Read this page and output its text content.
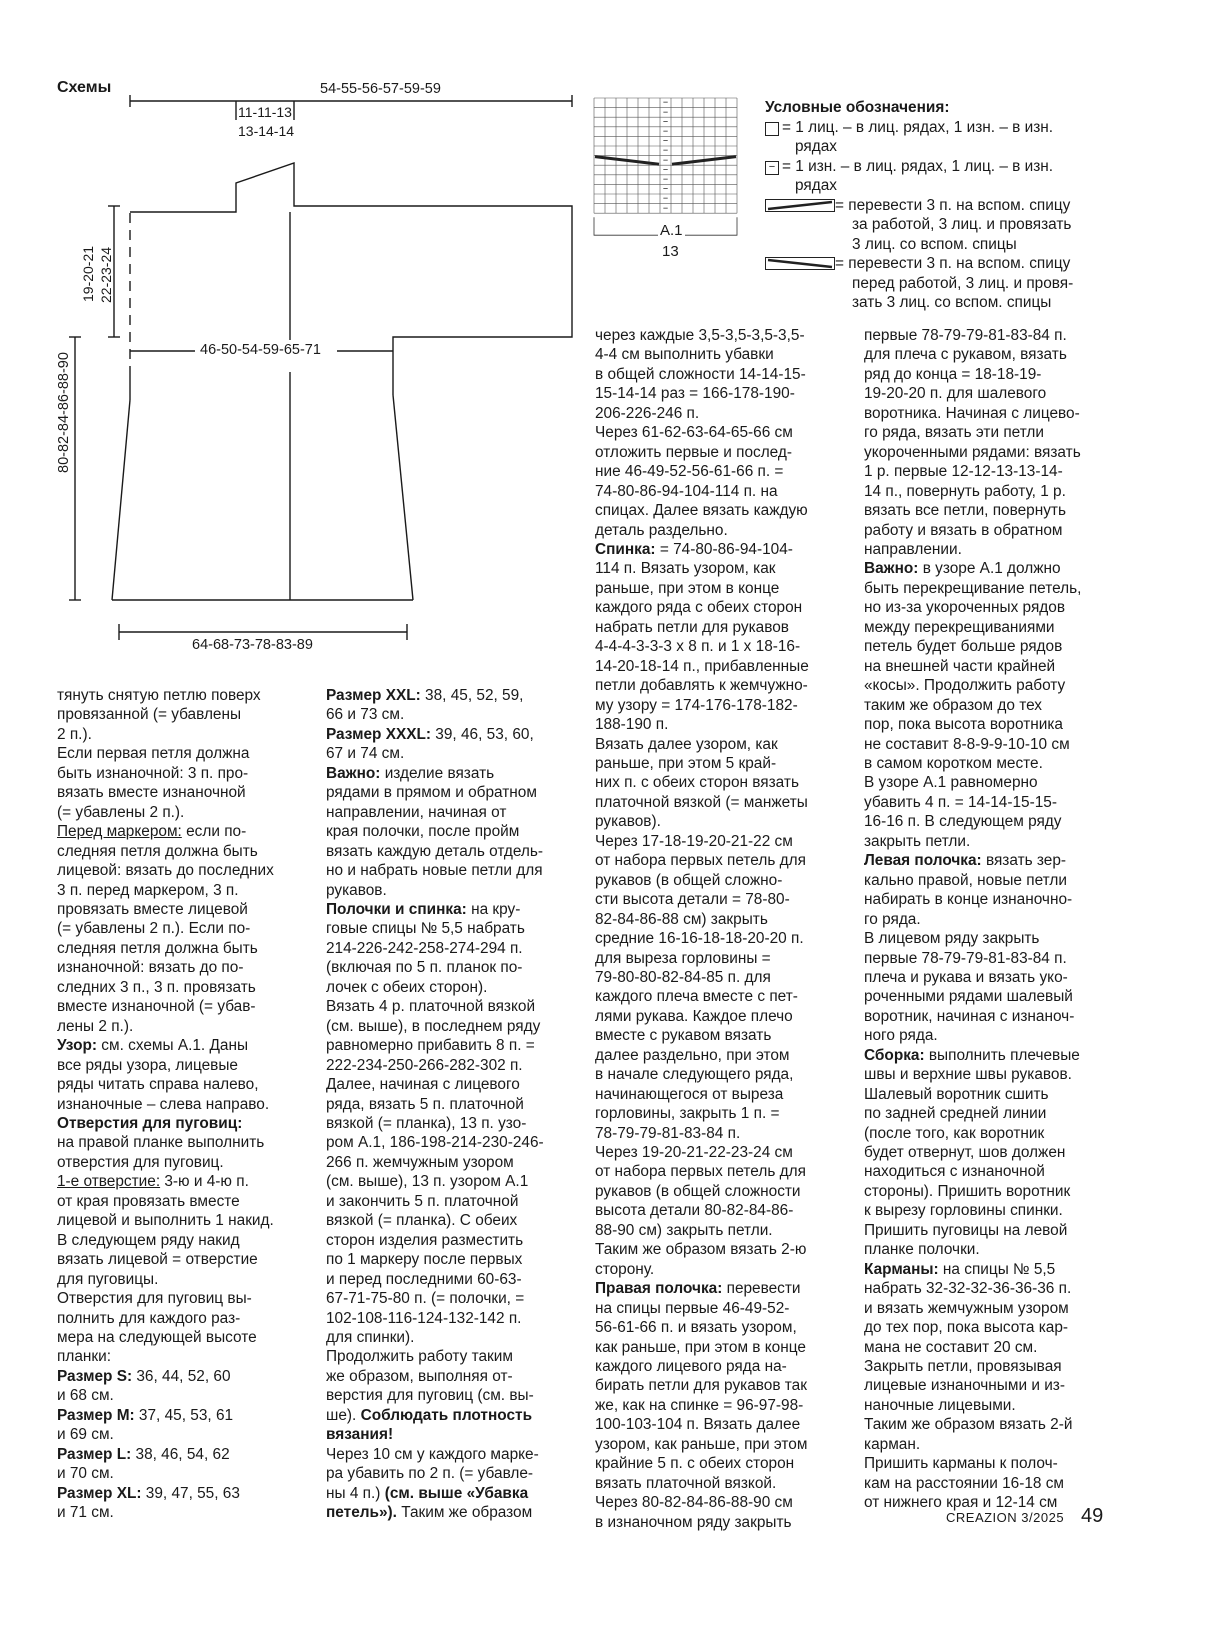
Схемы	54-55-56-57-59-59
11-11-13
13-14-14
19-20-21 22-23-24
80-82-84-86-88-90
46-50-54-59-65-71
64-68-73-78-83-89
−
−
−
−
−
−
−
−
−
−
−
−
A.1
13

Условные обозначения:

= 1 лиц. – в лиц. рядах, 1 изн. – в изн.

рядах

− = 1 изн. – в лиц. рядах, 1 лиц. – в изн.

рядах

= перевести 3 п. на вспом. спицу

за работой, 3 лиц. и провязать

3 лиц. со вспом. спицы

= перевести 3 п. на вспом. спицу

перед работой, 3 лиц. и провя-

зать 3 лиц. со вспом. спицы

тянуть снятую петлю поверх

провязанной (= убавлены

2 п.).

Если первая петля должна

быть изнаночной: 3 п. про-

вязать вместе изнаночной

(= убавлены 2 п.).

Перед маркером: если по-

следняя петля должна быть

лицевой: вязать до последних

3 п. перед маркером, 3 п.

провязать вместе лицевой

(= убавлены 2 п.). Если по-

следняя петля должна быть

изнаночной: вязать до по-

следних 3 п., 3 п. провязать

вместе изнаночной (= убав-

лены 2 п.).

Узор: см. схемы A.1. Даны

все ряды узора, лицевые

ряды читать справа налево,

изнаночные – слева направо.

Отверстия для пуговиц:

на правой планке выполнить

отверстия для пуговиц.

1-е отверстие: 3-ю и 4-ю п.

от края провязать вместе

лицевой и выполнить 1 накид.

В следующем ряду накид

вязать лицевой = отверстие

для пуговицы.

Отверстия для пуговиц вы-

полнить для каждого раз-

мера на следующей высоте

планки:

Размер S: 36, 44, 52, 60

и 68 см.

Размер M: 37, 45, 53, 61

и 69 см.

Размер L: 38, 46, 54, 62

и 70 см.

Размер XL: 39, 47, 55, 63

и 71 см.

Размер XXL: 38, 45, 52, 59,

66 и 73 см.

Размер XXXL: 39, 46, 53, 60,

67 и 74 см.

Важно: изделие вязать

рядами в прямом и обратном

направлении, начиная от

края полочки, после пройм

вязать каждую деталь отдель-

но и набрать новые петли для

рукавов.

Полочки и спинка: на кру-

говые спицы № 5,5 набрать

214-226-242-258-274-294 п.

(включая по 5 п. планок по-

лочек с обеих сторон).

Вязать 4 р. платочной вязкой

(см. выше), в последнем ряду

равномерно прибавить 8 п. =

222-234-250-266-282-302 п.

Далее, начиная с лицевого

ряда, вязать 5 п. платочной

вязкой (= планка), 13 п. узо-

ром A.1, 186-198-214-230-246-

266 п. жемчужным узором

(см. выше), 13 п. узором A.1

и закончить 5 п. платочной

вязкой (= планка). С обеих

сторон изделия разместить

по 1 маркеру после первых

и перед последними 60-63-

67-71-75-80 п. (= полочки, =

102-108-116-124-132-142 п.

для спинки).

Продолжить работу таким

же образом, выполняя от-

верстия для пуговиц (см. вы-

ше). Соблюдать плотность

вязания!

Через 10 см у каждого марке-

ра убавить по 2 п. (= убавле-

ны 4 п.) (см. выше «Убавка

петель»). Таким же образом

через каждые 3,5-3,5-3,5-3,5-

4-4 см выполнить убавки

в общей сложности 14-14-15-

15-14-14 раз = 166-178-190-

206-226-246 п.

Через 61-62-63-64-65-66 см

отложить первые и послед-

ние 46-49-52-56-61-66 п. =

74-80-86-94-104-114 п. на

спицах. Далее вязать каждую

деталь раздельно.

Спинка: = 74-80-86-94-104-

114 п. Вязать узором, как

раньше, при этом в конце

каждого ряда с обеих сторон

набрать петли для рукавов

4-4-4-3-3-3 х 8 п. и 1 х 18-16-

14-20-18-14 п., прибавленные

петли добавлять к жемчужно-

му узору = 174-176-178-182-

188-190 п.

Вязать далее узором, как

раньше, при этом 5 край-

них п. с обеих сторон вязать

платочной вязкой (= манжеты

рукавов).

Через 17-18-19-20-21-22 см

от набора первых петель для

рукавов (в общей сложно-

сти высота детали = 78-80-

82-84-86-88 см) закрыть

средние 16-16-18-18-20-20 п.

для выреза горловины =

79-80-80-82-84-85 п. для

каждого плеча вместе с пет-

лями рукава. Каждое плечо

вместе с рукавом вязать

далее раздельно, при этом

в начале следующего ряда,

начинающегося от выреза

горловины, закрыть 1 п. =

78-79-79-81-83-84 п.

Через 19-20-21-22-23-24 см

от набора первых петель для

рукавов (в общей сложности

высота детали 80-82-84-86-

88-90 см) закрыть петли.

Таким же образом вязать 2-ю

сторону.

Правая полочка: перевести

на спицы первые 46-49-52-

56-61-66 п. и вязать узором,

как раньше, при этом в конце

каждого лицевого ряда на-

бирать петли для рукавов так

же, как на спинке = 96-97-98-

100-103-104 п. Вязать далее

узором, как раньше, при этом

крайние 5 п. с обеих сторон

вязать платочной вязкой.

Через 80-82-84-86-88-90 см

в изнаночном ряду закрыть

первые 78-79-79-81-83-84 п.

для плеча с рукавом, вязать

ряд до конца = 18-18-19-

19-20-20 п. для шалевого

воротника. Начиная с лицево-

го ряда, вязать эти петли

укороченными рядами: вязать

1 р. первые 12-12-13-13-14-

14 п., повернуть работу, 1 р.

вязать все петли, повернуть

работу и вязать в обратном

направлении.

Важно: в узоре A.1 должно

быть перекрещивание петель,

но из-за укороченных рядов

между перекрещиваниями

петель будет больше рядов

на внешней части крайней

«косы». Продолжить работу

таким же образом до тех

пор, пока высота воротника

не составит 8-8-9-9-10-10 см

в самом коротком месте.

В узоре A.1 равномерно

убавить 4 п. = 14-14-15-15-

16-16 п. В следующем ряду

закрыть петли.

Левая полочка: вязать зер-

кально правой, новые петли

набирать в конце изнаночно-

го ряда.

В лицевом ряду закрыть

первые 78-79-79-81-83-84 п.

плеча и рукава и вязать уко-

роченными рядами шалевый

воротник, начиная с изнаноч-

ного ряда.

Сборка: выполнить плечевые

швы и верхние швы рукавов.

Шалевый воротник сшить

по задней средней линии

(после того, как воротник

будет отвернут, шов должен

находиться с изнаночной

стороны). Пришить воротник

к вырезу горловины спинки.

Пришить пуговицы на левой

планке полочки.

Карманы: на спицы № 5,5

набрать 32-32-32-36-36-36 п.

и вязать жемчужным узором

до тех пор, пока высота кар-

мана не составит 20 см.

Закрыть петли, провязывая

лицевые изнаночными и из-

наночные лицевыми.

Таким же образом вязать 2-й

карман.

Пришить карманы к полоч-

кам на расстоянии 16-18 см

от нижнего края и 12-14 см

CREAZION 3/2025 49
